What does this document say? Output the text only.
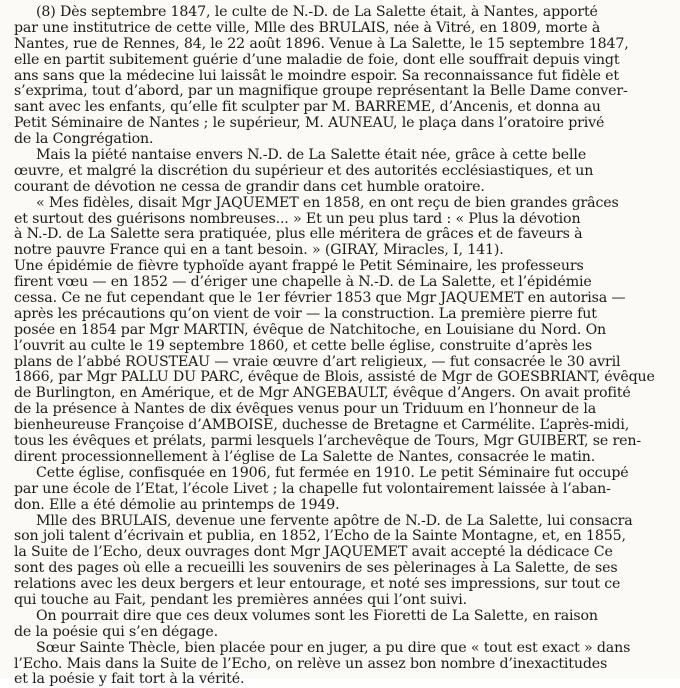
(8) Dès septembre 1847, le culte de N.-D. de La Salette était, à Nantes, apporté
par une institutrice de cette ville, Mlle des BRULAIS, née à Vitré, en 1809, morte à
Nantes, rue de Rennes, 84, le 22 août 1896. Venue à La Salette, le 15 septembre 1847,
elle en partit subitement guérie d’une maladie de foie, dont elle souffrait depuis vingt
ans sans que la médecine lui laissât le moindre espoir. Sa reconnaissance fut fidèle et
s’exprima, tout d’abord, par un magnifique groupe représentant la Belle Dame conver-
sant avec les enfants, qu’elle fit sculpter par M. BARRÈME, d’Ancenis, et donna au
Petit Séminaire de Nantes ; le supérieur, M. AUNEAU, le plaça dans l’oratoire privé
de la Congrégation.
Mais la piété nantaise envers N.-D. de La Salette était née, grâce à cette belle
œuvre, et malgré la discrétion du supérieur et des autorités ecclésiastiques, et un
courant de dévotion ne cessa de grandir dans cet humble oratoire.
« Mes fidèles, disait Mgr JAQUEMET en 1858, en ont reçu de bien grandes grâces
et surtout des guérisons nombreuses... » Et un peu plus tard : « Plus la dévotion
à N.-D. de La Salette sera pratiquée, plus elle méritera de grâces et de faveurs à
notre pauvre France qui en a tant besoin. » (GIRAY, Miracles, I, 141).
Une épidémie de fièvre typhoïde ayant frappé le Petit Séminaire, les professeurs
firent vœu — en 1852 — d’ériger une chapelle à N.-D. de La Salette, et l’épidémie
cessa. Ce ne fut cependant que le 1er février 1853 que Mgr JAQUEMET en autorisa —
après les précautions qu’on vient de voir — la construction. La première pierre fut
posée en 1854 par Mgr MARTIN, évêque de Natchitoche, en Louisiane du Nord. On
l’ouvrit au culte le 19 septembre 1860, et cette belle église, construite d’après les
plans de l’abbé ROUSTEAU — vraie œuvre d’art religieux, — fut consacrée le 30 avril
1866, par Mgr PALLU DU PARC, évêque de Blois, assisté de Mgr de GOËSBRIANT, évêque
de Burlington, en Amérique, et de Mgr ANGEBAULT, évêque d’Angers. On avait profité
de la présence à Nantes de dix évêques venus pour un Triduum en l’honneur de la
bienheureuse Françoise d’AMBOISE, duchesse de Bretagne et Carmélite. L’après-midi,
tous les évêques et prélats, parmi lesquels l’archevêque de Tours, Mgr GUIBERT, se ren-
dirent processionnellement à l’église de La Salette de Nantes, consacrée le matin.
Cette église, confisquée en 1906, fut fermée en 1910. Le petit Séminaire fut occupé
par une école de l’Etat, l’école Livet ; la chapelle fut volontairement laissée à l’aban-
don. Elle a été démolie au printemps de 1949.
Mlle des BRULAIS, devenue une fervente apôtre de N.-D. de La Salette, lui consacra
son joli talent d’écrivain et publia, en 1852, l’Echo de la Sainte Montagne, et, en 1855,
la Suite de l’Echo, deux ouvrages dont Mgr JAQUEMET avait accepté la dédicace Ce
sont des pages où elle a recueilli les souvenirs de ses pèlerinages à La Salette, de ses
relations avec les deux bergers et leur entourage, et noté ses impressions, sur tout ce
qui touche au Fait, pendant les premières années qui l’ont suivi.
On pourrait dire que ces deux volumes sont les Fioretti de La Salette, en raison
de la poésie qui s’en dégage.
Sœur Sainte Thècle, bien placée pour en juger, a pu dire que « tout est exact » dans
l’Echo. Mais dans la Suite de l’Echo, on relève un assez bon nombre d’inexactitudes
et la poésie y fait tort à la vérité.
